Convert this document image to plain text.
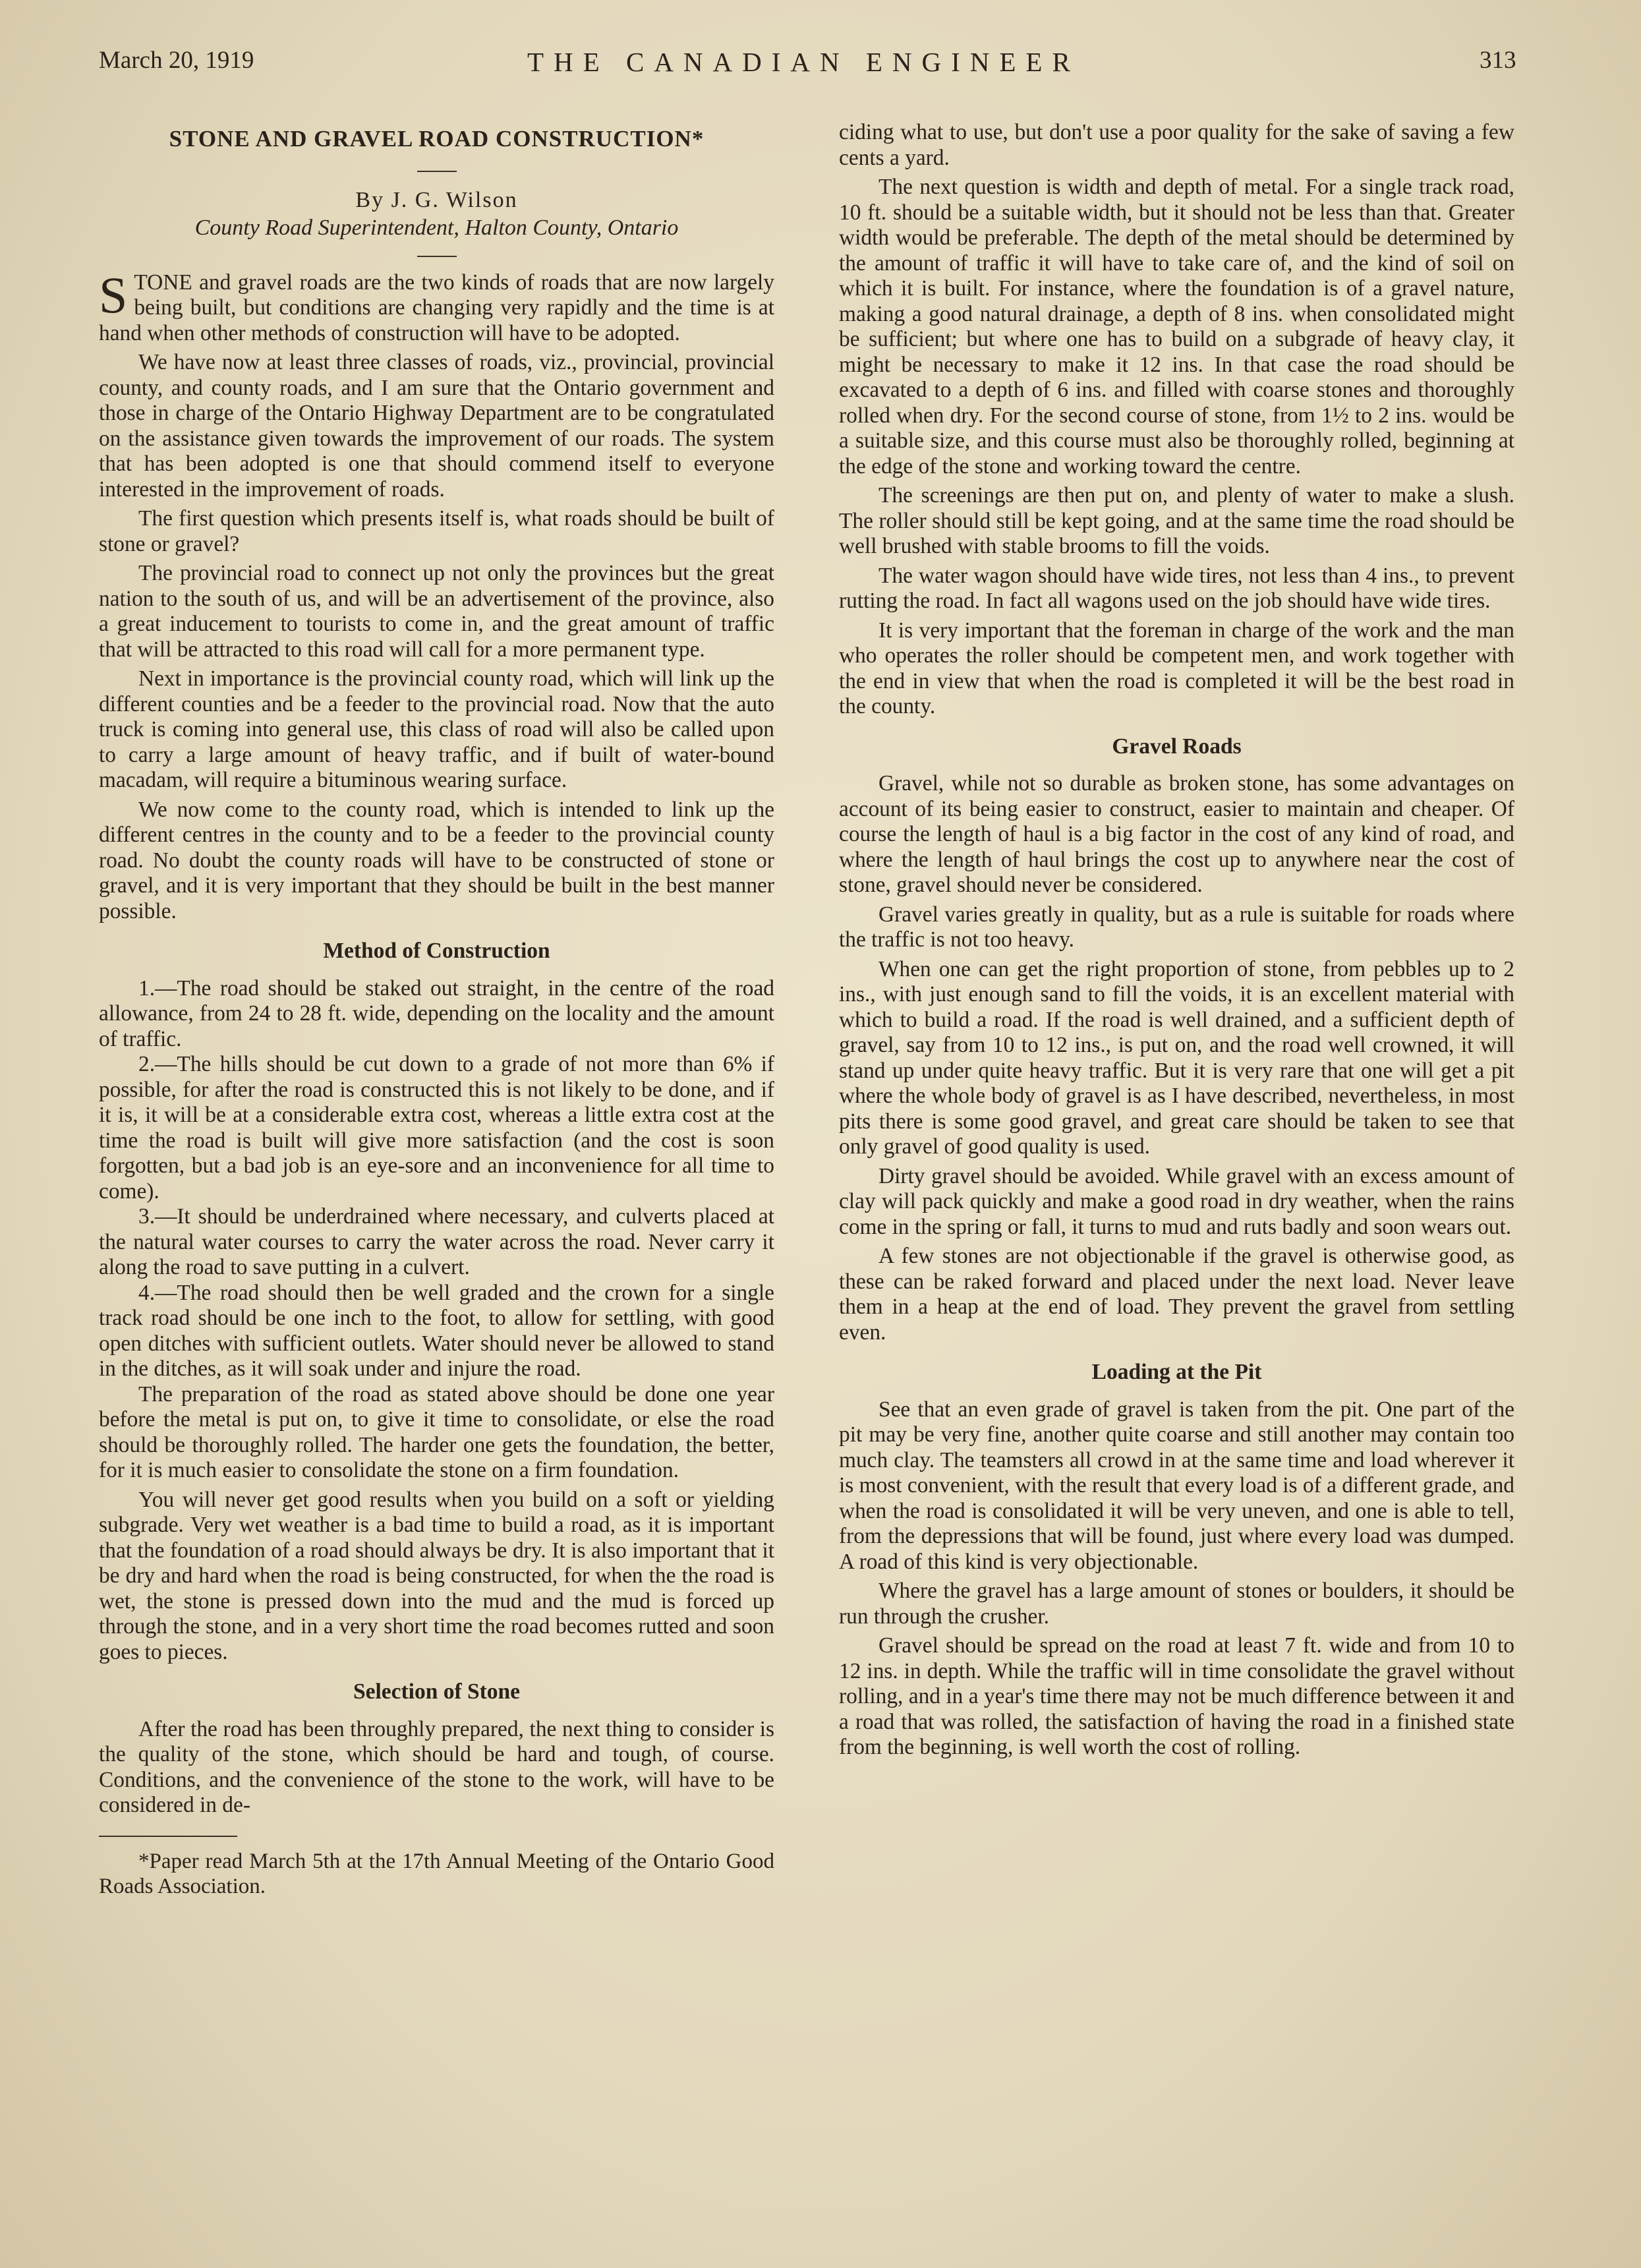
March 20, 1919	THE CANADIAN ENGINEER	313
STONE AND GRAVEL ROAD CONSTRUCTION*
By J. G. Wilson
County Road Superintendent, Halton County, Ontario

STONE and gravel roads are the two kinds of roads that are now largely being built, but conditions are changing very rapidly and the time is at hand when other methods of construction will have to be adopted.

We have now at least three classes of roads, viz., provincial, provincial county, and county roads, and I am sure that the Ontario government and those in charge of the Ontario Highway Department are to be congratulated on the assistance given towards the improvement of our roads. The system that has been adopted is one that should commend itself to everyone interested in the improvement of roads.

The first question which presents itself is, what roads should be built of stone or gravel?

The provincial road to connect up not only the provinces but the great nation to the south of us, and will be an advertisement of the province, also a great inducement to tourists to come in, and the great amount of traffic that will be attracted to this road will call for a more permanent type.

Next in importance is the provincial county road, which will link up the different counties and be a feeder to the provincial road. Now that the auto truck is coming into general use, this class of road will also be called upon to carry a large amount of heavy traffic, and if built of water-bound macadam, will require a bituminous wearing surface.

We now come to the county road, which is intended to link up the different centres in the county and to be a feeder to the provincial county road. No doubt the county roads will have to be constructed of stone or gravel, and it is very important that they should be built in the best manner possible.

Method of Construction

1.—The road should be staked out straight, in the centre of the road allowance, from 24 to 28 ft. wide, depending on the locality and the amount of traffic.

2.—The hills should be cut down to a grade of not more than 6% if possible, for after the road is constructed this is not likely to be done, and if it is, it will be at a considerable extra cost, whereas a little extra cost at the time the road is built will give more satisfaction (and the cost is soon forgotten, but a bad job is an eye-sore and an inconvenience for all time to come).

3.—It should be underdrained where necessary, and culverts placed at the natural water courses to carry the water across the road. Never carry it along the road to save putting in a culvert.

4.—The road should then be well graded and the crown for a single track road should be one inch to the foot, to allow for settling, with good open ditches with sufficient outlets. Water should never be allowed to stand in the ditches, as it will soak under and injure the road.

The preparation of the road as stated above should be done one year before the metal is put on, to give it time to consolidate, or else the road should be thoroughly rolled. The harder one gets the foundation, the better, for it is much easier to consolidate the stone on a firm foundation.

You will never get good results when you build on a soft or yielding subgrade. Very wet weather is a bad time to build a road, as it is important that the foundation of a road should always be dry. It is also important that it be dry and hard when the road is being constructed, for when the the road is wet, the stone is pressed down into the mud and the mud is forced up through the stone, and in a very short time the road becomes rutted and soon goes to pieces.

Selection of Stone

After the road has been throughly prepared, the next thing to consider is the quality of the stone, which should be hard and tough, of course. Conditions, and the convenience of the stone to the work, will have to be considered in de-

*Paper read March 5th at the 17th Annual Meeting of the Ontario Good Roads Association.

ciding what to use, but don't use a poor quality for the sake of saving a few cents a yard.

The next question is width and depth of metal. For a single track road, 10 ft. should be a suitable width, but it should not be less than that. Greater width would be preferable. The depth of the metal should be determined by the amount of traffic it will have to take care of, and the kind of soil on which it is built. For instance, where the foundation is of a gravel nature, making a good natural drainage, a depth of 8 ins. when consolidated might be sufficient; but where one has to build on a subgrade of heavy clay, it might be necessary to make it 12 ins. In that case the road should be excavated to a depth of 6 ins. and filled with coarse stones and thoroughly rolled when dry. For the second course of stone, from 1½ to 2 ins. would be a suitable size, and this course must also be thoroughly rolled, beginning at the edge of the stone and working toward the centre.

The screenings are then put on, and plenty of water to make a slush. The roller should still be kept going, and at the same time the road should be well brushed with stable brooms to fill the voids.

The water wagon should have wide tires, not less than 4 ins., to prevent rutting the road. In fact all wagons used on the job should have wide tires.

It is very important that the foreman in charge of the work and the man who operates the roller should be competent men, and work together with the end in view that when the road is completed it will be the best road in the county.

Gravel Roads

Gravel, while not so durable as broken stone, has some advantages on account of its being easier to construct, easier to maintain and cheaper. Of course the length of haul is a big factor in the cost of any kind of road, and where the length of haul brings the cost up to anywhere near the cost of stone, gravel should never be considered.

Gravel varies greatly in quality, but as a rule is suitable for roads where the traffic is not too heavy.

When one can get the right proportion of stone, from pebbles up to 2 ins., with just enough sand to fill the voids, it is an excellent material with which to build a road. If the road is well drained, and a sufficient depth of gravel, say from 10 to 12 ins., is put on, and the road well crowned, it will stand up under quite heavy traffic. But it is very rare that one will get a pit where the whole body of gravel is as I have described, nevertheless, in most pits there is some good gravel, and great care should be taken to see that only gravel of good quality is used.

Dirty gravel should be avoided. While gravel with an excess amount of clay will pack quickly and make a good road in dry weather, when the rains come in the spring or fall, it turns to mud and ruts badly and soon wears out.

A few stones are not objectionable if the gravel is otherwise good, as these can be raked forward and placed under the next load. Never leave them in a heap at the end of load. They prevent the gravel from settling even.

Loading at the Pit

See that an even grade of gravel is taken from the pit. One part of the pit may be very fine, another quite coarse and still another may contain too much clay. The teamsters all crowd in at the same time and load wherever it is most convenient, with the result that every load is of a different grade, and when the road is consolidated it will be very uneven, and one is able to tell, from the depressions that will be found, just where every load was dumped. A road of this kind is very objectionable.

Where the gravel has a large amount of stones or boulders, it should be run through the crusher.

Gravel should be spread on the road at least 7 ft. wide and from 10 to 12 ins. in depth. While the traffic will in time consolidate the gravel without rolling, and in a year's time there may not be much difference between it and a road that was rolled, the satisfaction of having the road in a finished state from the beginning, is well worth the cost of rolling.
